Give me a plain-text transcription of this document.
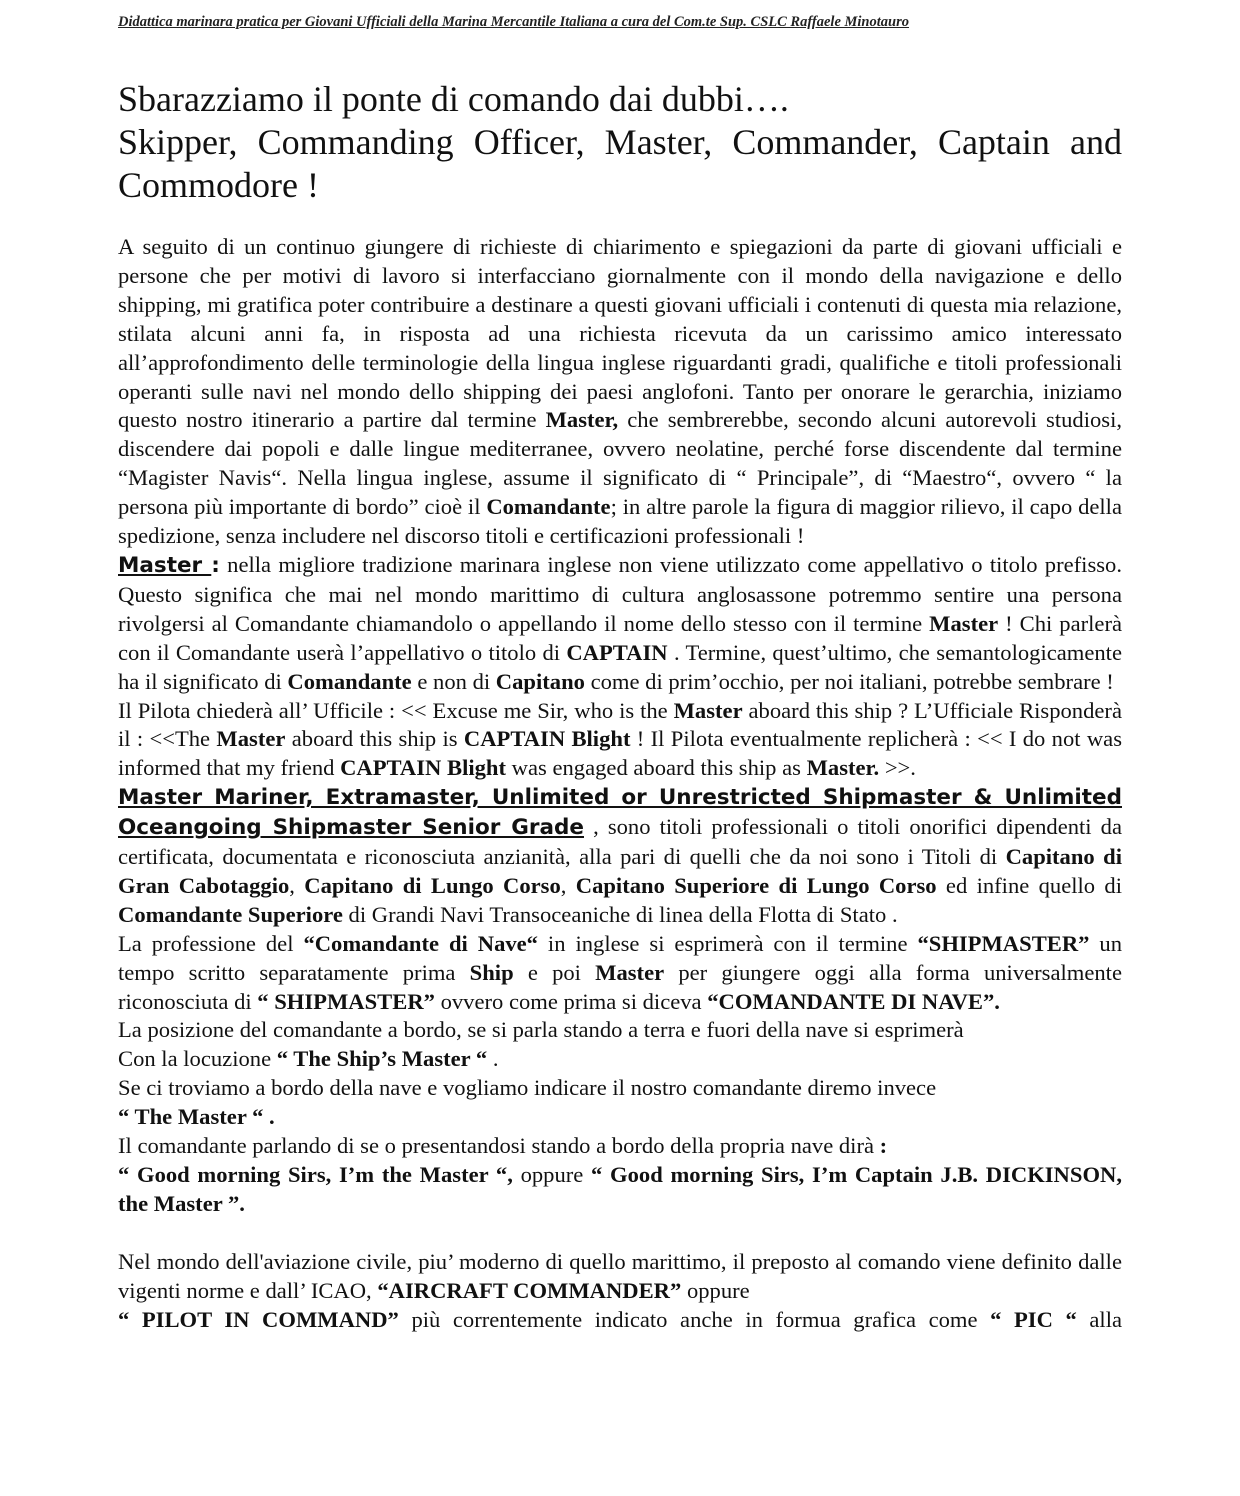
Didattica marinara pratica per Giovani Ufficiali della Marina Mercantile Italiana a cura del Com.te Sup. CSLC Raffaele Minotauro
Sbarazziamo il ponte di comando dai dubbi….
Skipper, Commanding Officer, Master, Commander, Captain and
Commodore !

A seguito di un continuo giungere di richieste di chiarimento e spiegazioni da parte di giovani ufficiali e persone che per motivi di lavoro si interfacciano giornalmente con il mondo della navigazione e dello shipping, mi gratifica poter contribuire a destinare a questi giovani ufficiali i contenuti di questa mia relazione, stilata alcuni anni fa, in risposta ad una richiesta ricevuta da un carissimo amico interessato all’approfondimento delle terminologie della lingua inglese riguardanti gradi, qualifiche e titoli professionali operanti sulle navi nel mondo dello shipping dei paesi anglofoni. Tanto per onorare le gerarchia, iniziamo questo nostro itinerario a partire dal termine Master, che sembrerebbe, secondo alcuni autorevoli studiosi, discendere dai popoli e dalle lingue mediterranee, ovvero neolatine, perché forse discendente dal termine “Magister Navis“. Nella lingua inglese, assume il significato di “ Principale”, di “Maestro“, ovvero “ la persona più importante di bordo” cioè il Comandante; in altre parole la figura di maggior rilievo, il capo della spedizione, senza includere nel discorso titoli e certificazioni professionali !

Master : nella migliore tradizione marinara inglese non viene utilizzato come appellativo o titolo prefisso. Questo significa che mai nel mondo marittimo di cultura anglosassone potremmo sentire una persona rivolgersi al Comandante chiamandolo o appellando il nome dello stesso con il termine Master ! Chi parlerà con il Comandante userà l’appellativo o titolo di CAPTAIN . Termine, quest’ultimo, che semantologicamente ha il significato di Comandante e non di Capitano come di prim’occhio, per noi italiani, potrebbe sembrare !

Il Pilota chiederà all’ Ufficile : << Excuse me Sir, who is the Master aboard this ship ? L’Ufficiale Risponderà il : <<The Master aboard this ship is CAPTAIN Blight ! Il Pilota eventualmente replicherà : << I do not was informed that my friend CAPTAIN Blight was engaged aboard this ship as Master. >>.

Master Mariner, Extramaster, Unlimited or Unrestricted Shipmaster & Unlimited Oceangoing Shipmaster Senior Grade , sono titoli professionali o titoli onorifici dipendenti da certificata, documentata e riconosciuta anzianità, alla pari di quelli che da noi sono i Titoli di Capitano di Gran Cabotaggio, Capitano di Lungo Corso, Capitano Superiore di Lungo Corso ed infine quello di Comandante Superiore di Grandi Navi Transoceaniche di linea della Flotta di Stato .

La professione del “Comandante di Nave“ in inglese si esprimerà con il termine “SHIPMASTER” un tempo scritto separatamente prima Ship e poi Master per giungere oggi alla forma universalmente riconosciuta di “ SHIPMASTER” ovvero come prima si diceva “COMANDANTE DI NAVE”.

La posizione del comandante a bordo, se si parla stando a terra e fuori della nave si esprimerà

Con la locuzione “ The Ship’s Master “ .

Se ci troviamo a bordo della nave e vogliamo indicare il nostro comandante diremo invece

“ The Master “ .

Il comandante parlando di se o presentandosi stando a bordo della propria nave dirà :

“ Good morning Sirs, I’m the Master “, oppure “ Good morning Sirs, I’m Captain J.B. DICKINSON, the Master ”.

Nel mondo dell'aviazione civile, piu’ moderno di quello marittimo, il preposto al comando viene definito dalle vigenti norme e dall’ ICAO, “AIRCRAFT COMMANDER” oppure

“ PILOT IN COMMAND” più correntemente indicato anche in formua grafica come “ PIC “ alla
